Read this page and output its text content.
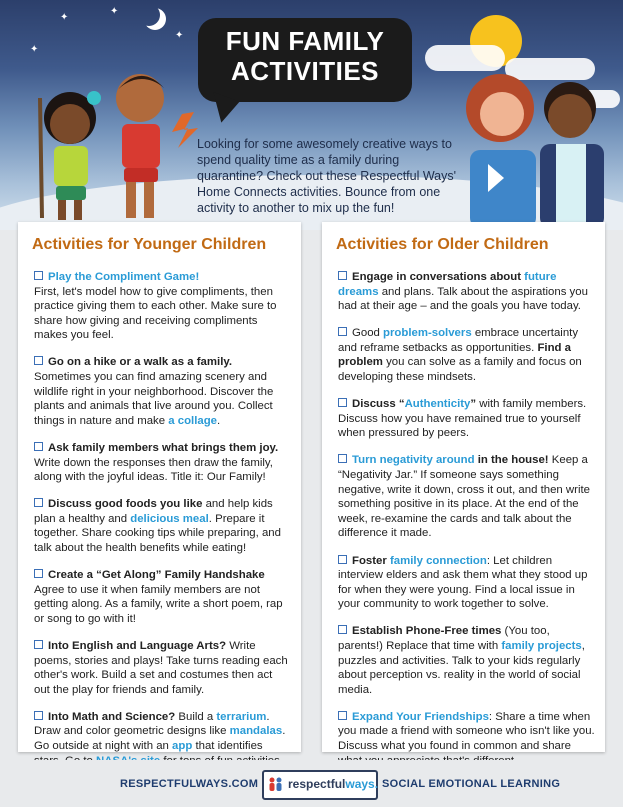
✦
✦
✦
✦	FUN FAMILY
ACTIVITIES
Looking for some awesomely creative ways to spend quality time as a family during quarantine? Check out these Respectful Ways' Home Connects activities. Bounce from one activity to another to mix up the fun!
Activities for Younger Children
Play the Compliment Game!
First, let's model how to give compliments, then practice giving them to each other. Make sure to share how giving and receiving compliments makes you feel.
Go on a hike or a walk as a family. Sometimes you can find amazing scenery and wildlife right in your neighborhood. Discover the plants and animals that live around you. Collect things in nature and make a collage.
Ask family members what brings them joy. Write down the responses then draw the family, along with the joyful ideas. Title it: Our Family!
Discuss good foods you like and help kids plan a healthy and delicious meal. Prepare it together. Share cooking tips while preparing, and talk about the health benefits while eating!
Create a “Get Along” Family Handshake Agree to use it when family members are not getting along. As a family, write a short poem, rap or song to go with it!
Into English and Language Arts? Write poems, stories and plays! Take turns reading each other's work. Build a set and costumes then act out the play for friends and family.
Into Math and Science? Build a terrarium. Draw and color geometric designs like mandalas. Go outside at night with an app that identifies
Activities for Older Children
Engage in conversations about future dreams and plans. Talk about the aspirations you had at their age – and the goals you have today.
Good problem-solvers embrace uncertainty and reframe setbacks as opportunities. Find a problem you can solve as a family and focus on developing these mindsets.
Discuss “Authenticity” with family members. Discuss how you have remained true to yourself when pressured by peers.
Turn negativity around in the house! Keep a “Negativity Jar.” If someone says something negative, write it down, cross it out, and then write something positive in its place. At the end of the week, re-examine the cards and talk about the difference it made.
Foster family connection: Let children interview elders and ask them what they stood up for when they were young. Find a local issue in your community to work together to solve.
Establish Phone-Free times (You too, parents!) Replace that time with family projects, puzzles and activities. Talk to your kids regularly about perception vs. reality in the world of social media.
Expand Your Friendships: Share a time when you made a friend with someone who isn't like you. Discuss what you found in common and share
RESPECTFULWAYS.COM respectfulways. SOCIAL EMOTIONAL LEARNING
